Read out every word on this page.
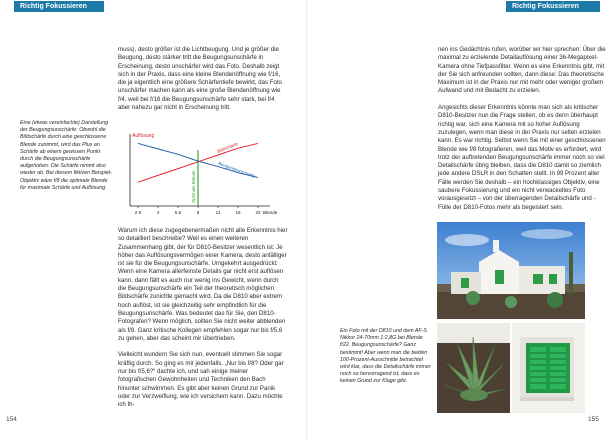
Richtig Fokussieren

muss), desto größer ist die Lichtbeugung. Und je größer die Beugung, desto stärker tritt die Beugungsunschärfe in Erscheinung, desto unschärfer wird das Foto. Deshalb zeigt sich in der Praxis, dass eine kleine Blendenöffnung wie f/16, die ja eigentlich eine größere Schärfentiefe bewirkt, das Foto unschärfer machen kann als eine große Blendenöffnung wie f/4, weil bei f/16 die Beugungsunschärfe sehr stark, bei f/4 aber nahezu gar nicht in Erscheinung tritt.

Eine (etwas vereinfachte) Darstellung der Beugungsunschärfe: Obwohl die Bildschärfe durch eine geschlossene Blende zunimmt, wird das Plus an Schärfe ab einem gewissen Punkt durch die Beugungsunschärfe aufgehoben: Die Schärfe nimmt also wieder ab. Bei diesem fiktiven Beispiel-Objektiv wäre f/8 die optimale Blende für maximale Schärfe und Auflösung.
Auflösung
2.8	4	5.6	8	11	16	22 Blende
Optimale Blende
Bildschärfe
Beugungsunschärfe

Warum ich diese zugegebenermaßen nicht alle Erkenntnis hier so detailliert beschreibe? Weil es einen weiteren Zusammenhang gibt, der für D810-Besitzer wesentlich ist: Je höher das Auflösungsvermögen einer Kamera, desto anfälliger ist sie für die Beugungsunschärfe. Umgekehrt ausgedrückt: Wenn eine Kamera allerfeinste Details gar nicht erst auflösen kann, dann fällt es auch nur wenig ins Gewicht, wenn durch die Beugungsunschärfe ein Teil der theoretisch möglichen Bildschärfe zunichte gemacht wird. Da die D810 aber extrem hoch auflöst, ist sie gleichzeitig sehr empfindlich für die Beugungsunschärfe. Was bedeutet das für Sie, den D810-Fotografen? Wenn möglich, sollten Sie nicht weiter abblenden als f/8. Ganz kritische Kollegen empfehlen sogar nur bis f/5,6 zu gehen, aber das scheint mir übertrieben.

Vielleicht wundern Sie sich nun, eventuell stimmen Sie sogar kräftig durch. So ging es mir jedenfalls. „Nur bis f/8? Oder gar nur bis f/5,6?“ dachte ich, und sah einige meiner fotografischen Gewohnheiten und Techniken den Bach hinunter schwimmen. Es gibt aber keinen Grund zur Panik oder zur Verzweiflung, wie ich versichern kann. Dazu möchte ich Ih-

154

nen ins Gedächtnis rufen, worüber wir hier sprechen: Über die maximal zu erzielende Detailauflösung einer 36-Megapixel-Kamera ohne Tiefpassfilter. Wenn es eine Erkenntnis gibt, mit der Sie sich anfreunden sollten, dann diese: Das theoretische Maximum ist in der Praxis nur mit mehr oder weniger großem Aufwand und mit Bedacht zu erzielen.

Angesichts dieser Erkenntnis könnte man sich als kritischer D810-Besitzer nun die Frage stellen, ob es denn überhaupt richtig war, sich eine Kamera mit so hoher Auflösung zuzulegen, wenn man diese in der Praxis nur selten erzielen kann. Es war richtig. Selbst wenn Sie mit einer geschlossenen Blende wie f/8 fotografieren, weil das Motiv es erfordert, wird trotz der auftretenden Beugungsunschärfe immer noch so viel Detailschärfe übrig bleiben, dass die D810 damit so ziemlich jede andere DSLR in den Schatten stellt. In 99 Prozent aller Fälle werden Sie deshalb – ein hochklassiges Objektiv, eine saubere Fokussierung und ein nicht verwackeltes Foto vorausgesetzt – von der überragenden Detailschärfe und -Fülle der D810-Fotos mehr als begeistert sein.

Ein Foto mit der D810 und dem AF-S Nikkor 24-70mm 1:2,8G bei Blende f/22. Beugungsunschärfe? Ganz bestimmt! Aber wenn man die beiden 100-Prozent-Ausschnitte betrachtet wird klar, dass die Detailschärfe immer noch so hervorragend ist, dass es keinen Grund zur Klage gibt.
155
Richtig Fokussieren
